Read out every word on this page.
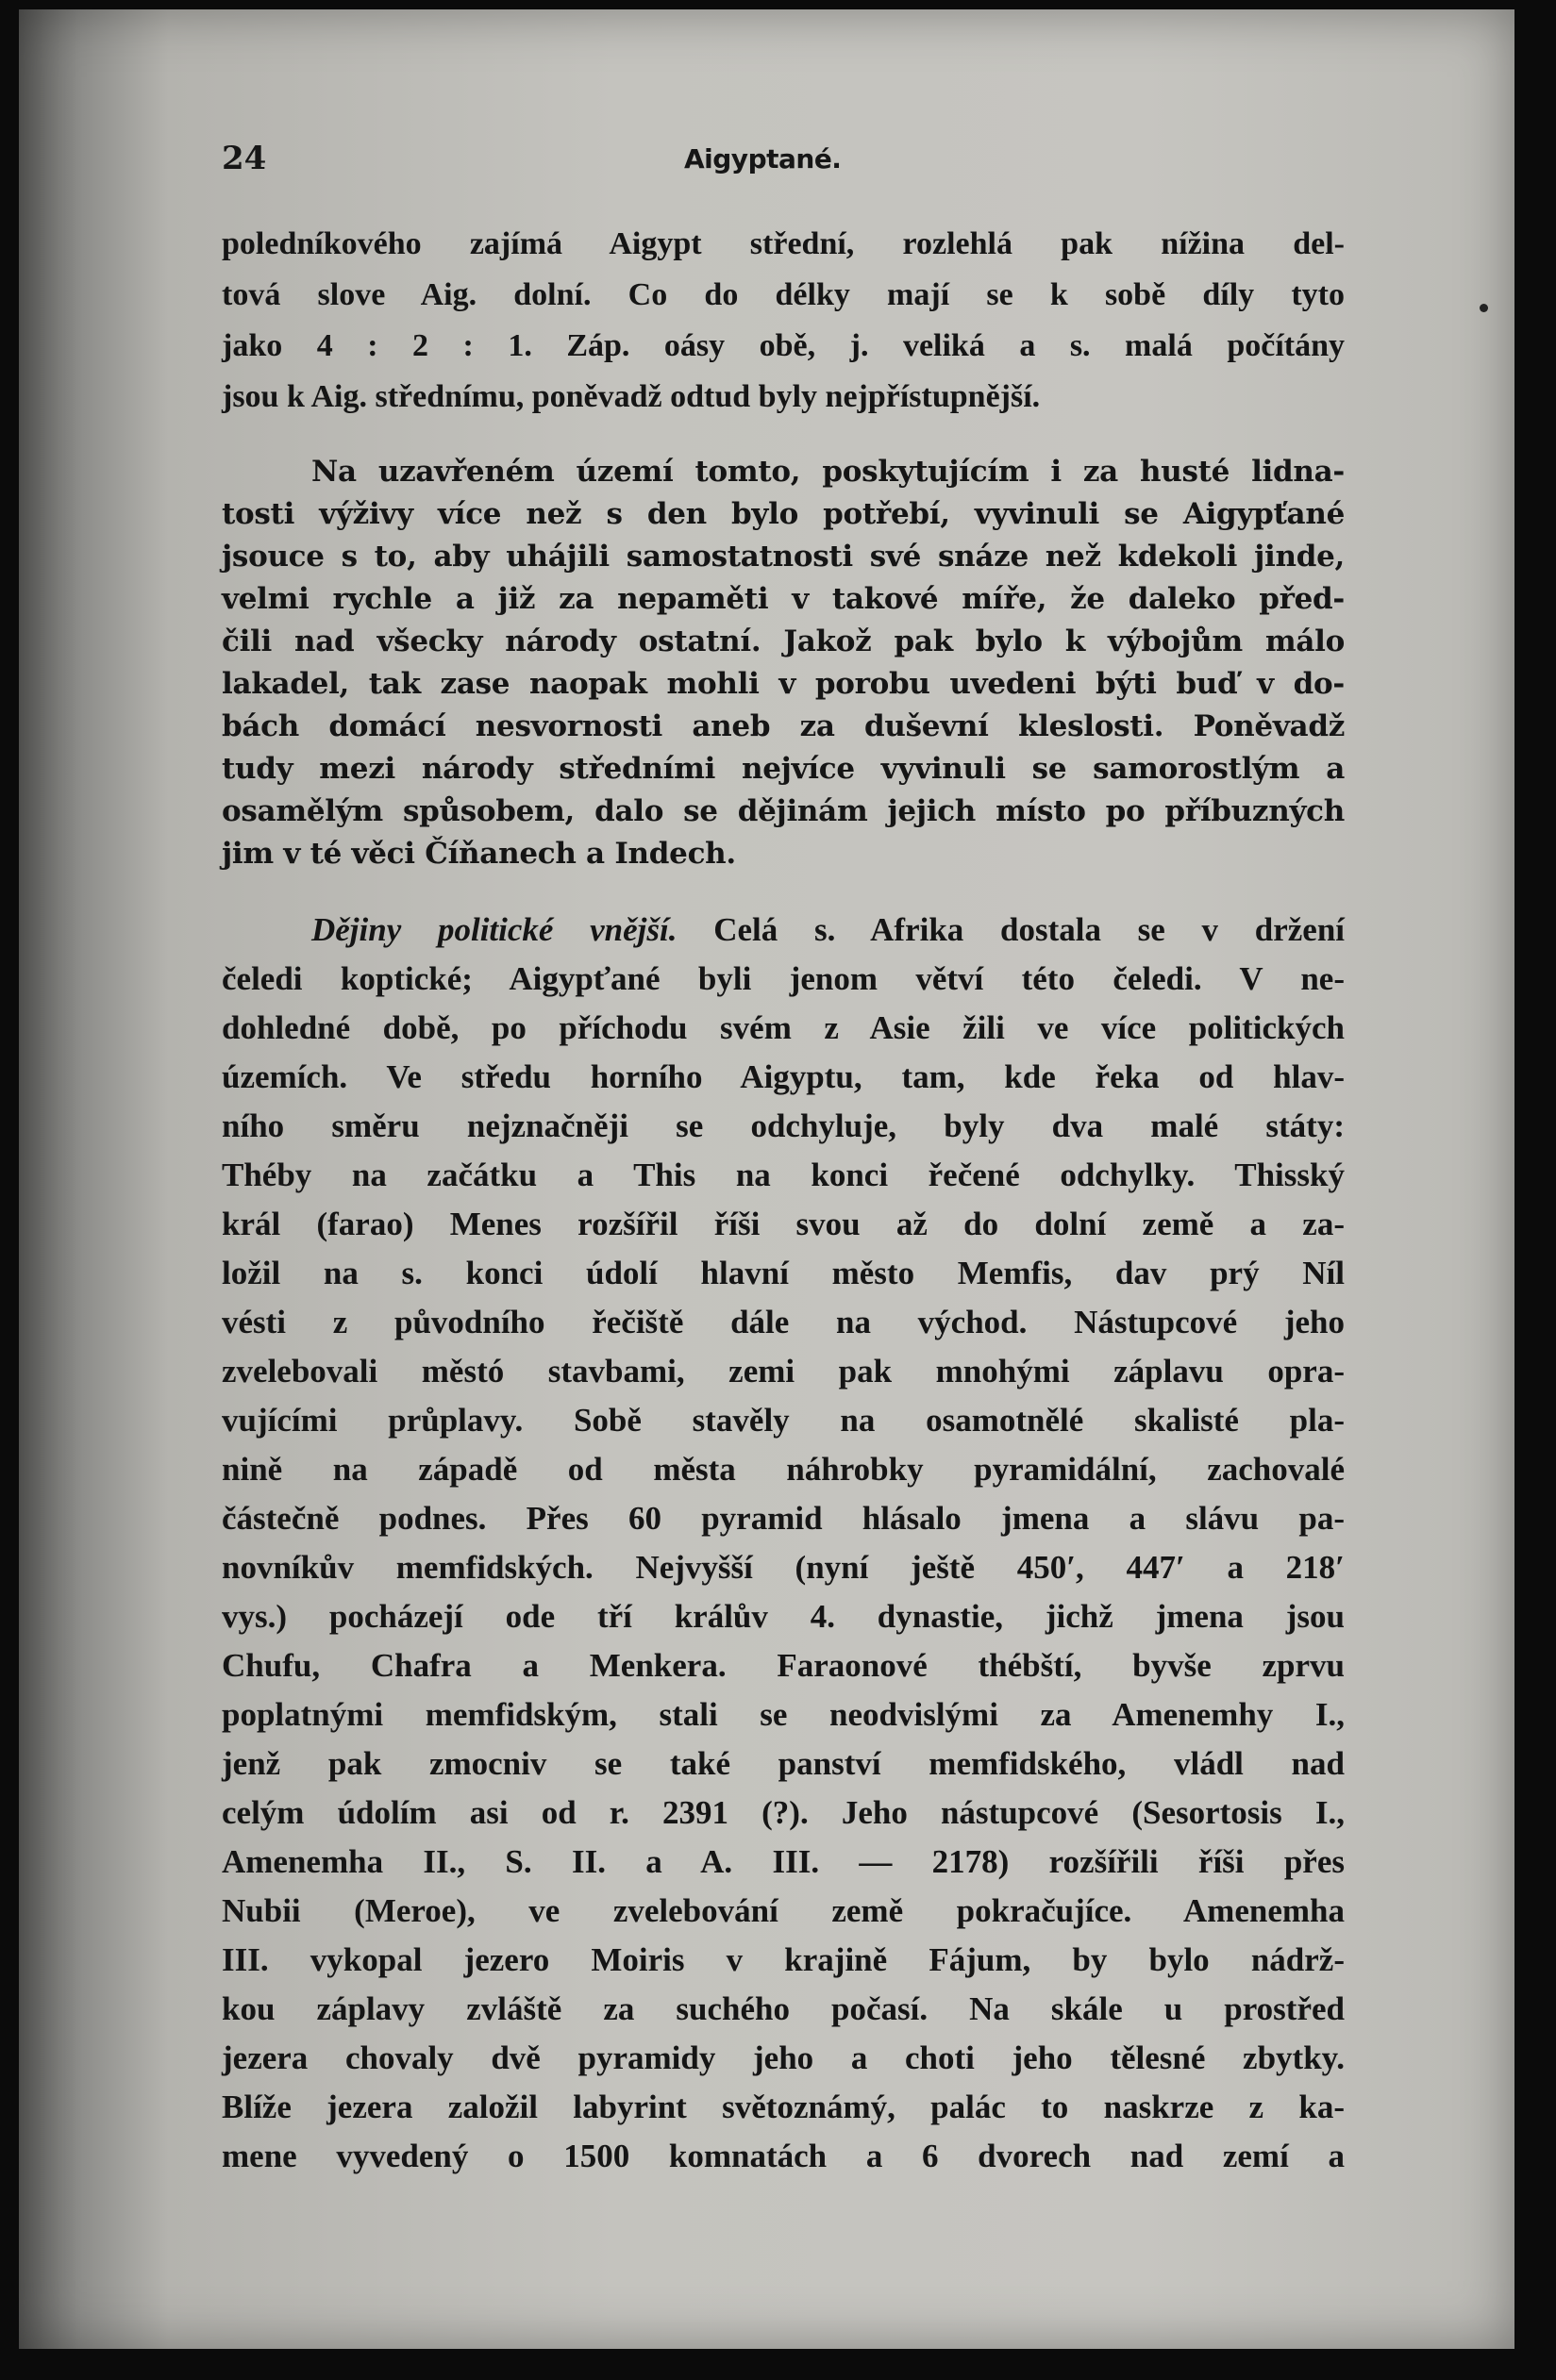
24	Aigyptané.
poledníkového zajímá Aigypt střední, rozlehlá pak nížina del-
tová slove Aig. dolní. Co do délky mají se k sobě díly tyto
jako 4 : 2 : 1. Záp. oásy obě, j. veliká a s. malá počítány
jsou k Aig. střednímu, poněvadž odtud byly nejpřístupnější.
Na uzavřeném území tomto, poskytujícím i za husté lidna-
tosti výživy více než s den bylo potřebí, vyvinuli se Aigypťané
jsouce s to, aby uhájili samostatnosti své snáze než kdekoli jinde,
velmi rychle a již za nepaměti v takové míře, že daleko před-
čili nad všecky národy ostatní. Jakož pak bylo k výbojům málo
lakadel, tak zase naopak mohli v porobu uvedeni býti buď v do-
bách domácí nesvornosti aneb za duševní kleslosti. Poněvadž
tudy mezi národy středními nejvíce vyvinuli se samorostlým a
osamělým spůsobem, dalo se dějinám jejich místo po příbuzných
jim v té věci Číňanech a Indech.
Dějiny politické vnější. Celá s. Afrika dostala se v držení
čeledi koptické; Aigypťané byli jenom větví této čeledi. V ne-
dohledné době, po příchodu svém z Asie žili ve více politických
územích. Ve středu horního Aigyptu, tam, kde řeka od hlav-
ního směru nejznačněji se odchyluje, byly dva malé státy:
Théby na začátku a This na konci řečené odchylky. Thisský
král (farao) Menes rozšířil říši svou až do dolní země a za-
ložil na s. konci údolí hlavní město Memfis, dav prý Níl
vésti z původního řečiště dále na východ. Nástupcové jeho
zvelebovali městó stavbami, zemi pak mnohými záplavu opra-
vujícími průplavy. Sobě stavěly na osamotnělé skalisté pla-
nině na západě od města náhrobky pyramidální, zachovalé
částečně podnes. Přes 60 pyramid hlásalo jmena a slávu pa-
novníkův memfidských. Nejvyšší (nyní ještě 450′, 447′ a 218′
vys.) pocházejí ode tří králův 4. dynastie, jichž jmena jsou
Chufu, Chafra a Menkera. Faraonové thébští, byvše zprvu
poplatnými memfidským, stali se neodvislými za Amenemhy I.,
jenž pak zmocniv se také panství memfidského, vládl nad
celým údolím asi od r. 2391 (?). Jeho nástupcové (Sesortosis I.,
Amenemha II., S. II. a A. III. — 2178) rozšířili říši přes
Nubii (Meroe), ve zvelebování země pokračujíce. Amenemha
III. vykopal jezero Moiris v krajině Fájum, by bylo nádrž-
kou záplavy zvláště za suchého počasí. Na skále u prostřed
jezera chovaly dvě pyramidy jeho a choti jeho tělesné zbytky.
Blíže jezera založil labyrint světoznámý, palác to naskrze z ka-
mene vyvedený o 1500 komnatách a 6 dvorech nad zemí a
